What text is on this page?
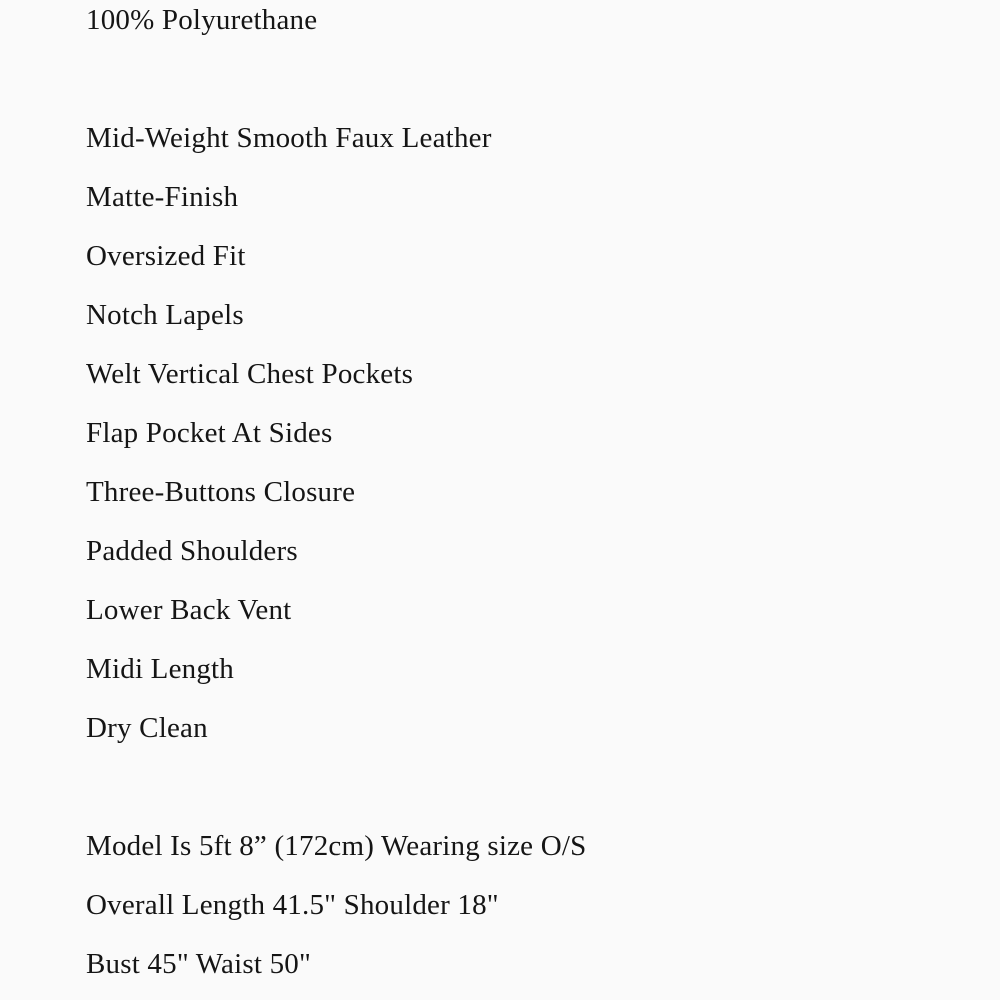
100% Polyurethane

Mid-Weight Smooth Faux Leather

Matte-Finish

Oversized Fit

Notch Lapels

Welt Vertical Chest Pockets

Flap Pocket At Sides

Three-Buttons Closure

Padded Shoulders

Lower Back Vent

Midi Length

Dry Clean

Model Is 5ft 8” (172cm) Wearing size O/S

Overall Length 41.5" Shoulder 18"

Bust 45" Waist 50"
